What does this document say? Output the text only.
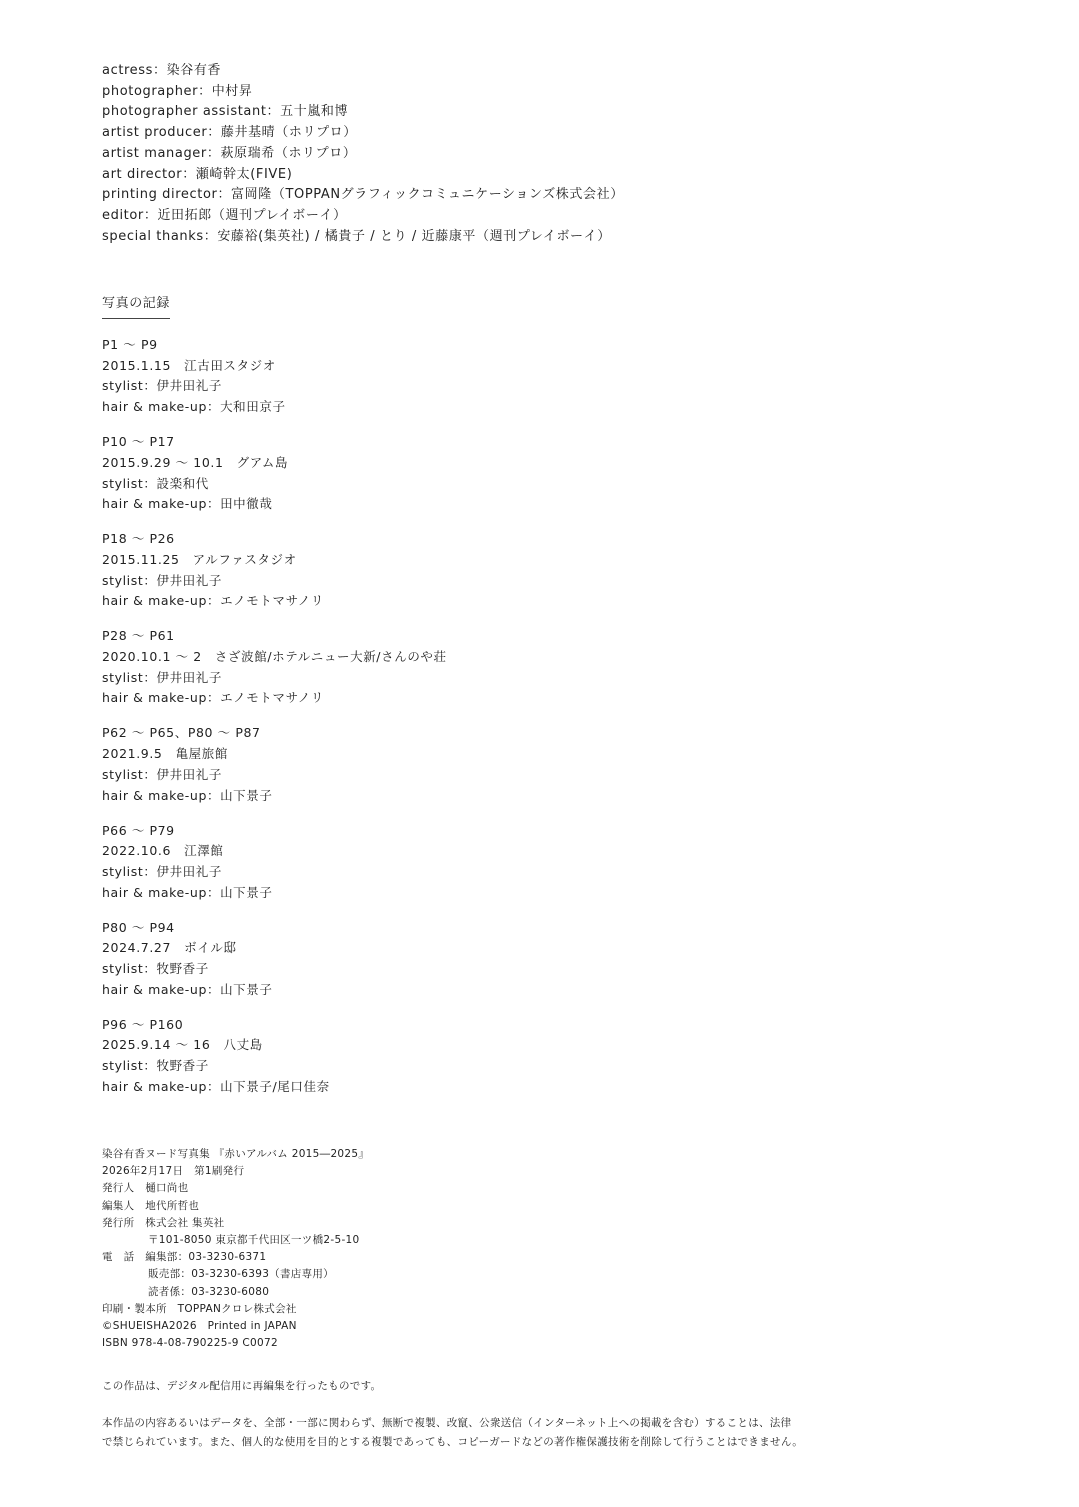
actress：染谷有香
photographer：中村昇
photographer assistant：五十嵐和博
artist producer：藤井基晴（ホリプロ）
artist manager：萩原瑞希（ホリプロ）
art director：瀬崎幹太(FIVE)
printing director：富岡隆（TOPPANグラフィックコミュニケーションズ株式会社）
editor：近田拓郎（週刊プレイボーイ）
special thanks：安藤裕(集英社) / 橘貴子 / とり / 近藤康平（週刊プレイボーイ）
写真の記録
P1 ～ P9
2015.1.15　江古田スタジオ
stylist：伊井田礼子
hair & make-up：大和田京子
P10 ～ P17
2015.9.29 ～ 10.1　グアム島
stylist：設楽和代
hair & make-up：田中徹哉
P18 ～ P26
2015.11.25　アルファスタジオ
stylist：伊井田礼子
hair & make-up：エノモトマサノリ
P28 ～ P61
2020.10.1 ～ 2　さざ波館/ホテルニュー大新/さんのや荘
stylist：伊井田礼子
hair & make-up：エノモトマサノリ
P62 ～ P65、P80 ～ P87
2021.9.5　亀屋旅館
stylist：伊井田礼子
hair & make-up：山下景子
P66 ～ P79
2022.10.6　江澤館
stylist：伊井田礼子
hair & make-up：山下景子
P80 ～ P94
2024.7.27　ボイル邸
stylist：牧野香子
hair & make-up：山下景子
P96 ～ P160
2025.9.14 ～ 16　八丈島
stylist：牧野香子
hair & make-up：山下景子/尾口佳奈
染谷有香ヌード写真集 『赤いアルバム 2015―2025』
2026年2月17日　第1刷発行
発行人　樋口尚也
編集人　地代所哲也
発行所　株式会社 集英社
〒101-8050 東京都千代田区一ツ橋2-5-10
電　話　編集部：03-3230-6371
販売部：03-3230-6393（書店専用）
読者係：03-3230-6080
印刷・製本所　TOPPANクロレ株式会社
©SHUEISHA2026　Printed in JAPAN
ISBN 978-4-08-790225-9 C0072
この作品は、デジタル配信用に再編集を行ったものです。
本作品の内容あるいはデータを、全部・一部に関わらず、無断で複製、改竄、公衆送信（インターネット上への掲載を含む）することは、法律
で禁じられています。また、個人的な使用を目的とする複製であっても、コピーガードなどの著作権保護技術を削除して行うことはできません。
